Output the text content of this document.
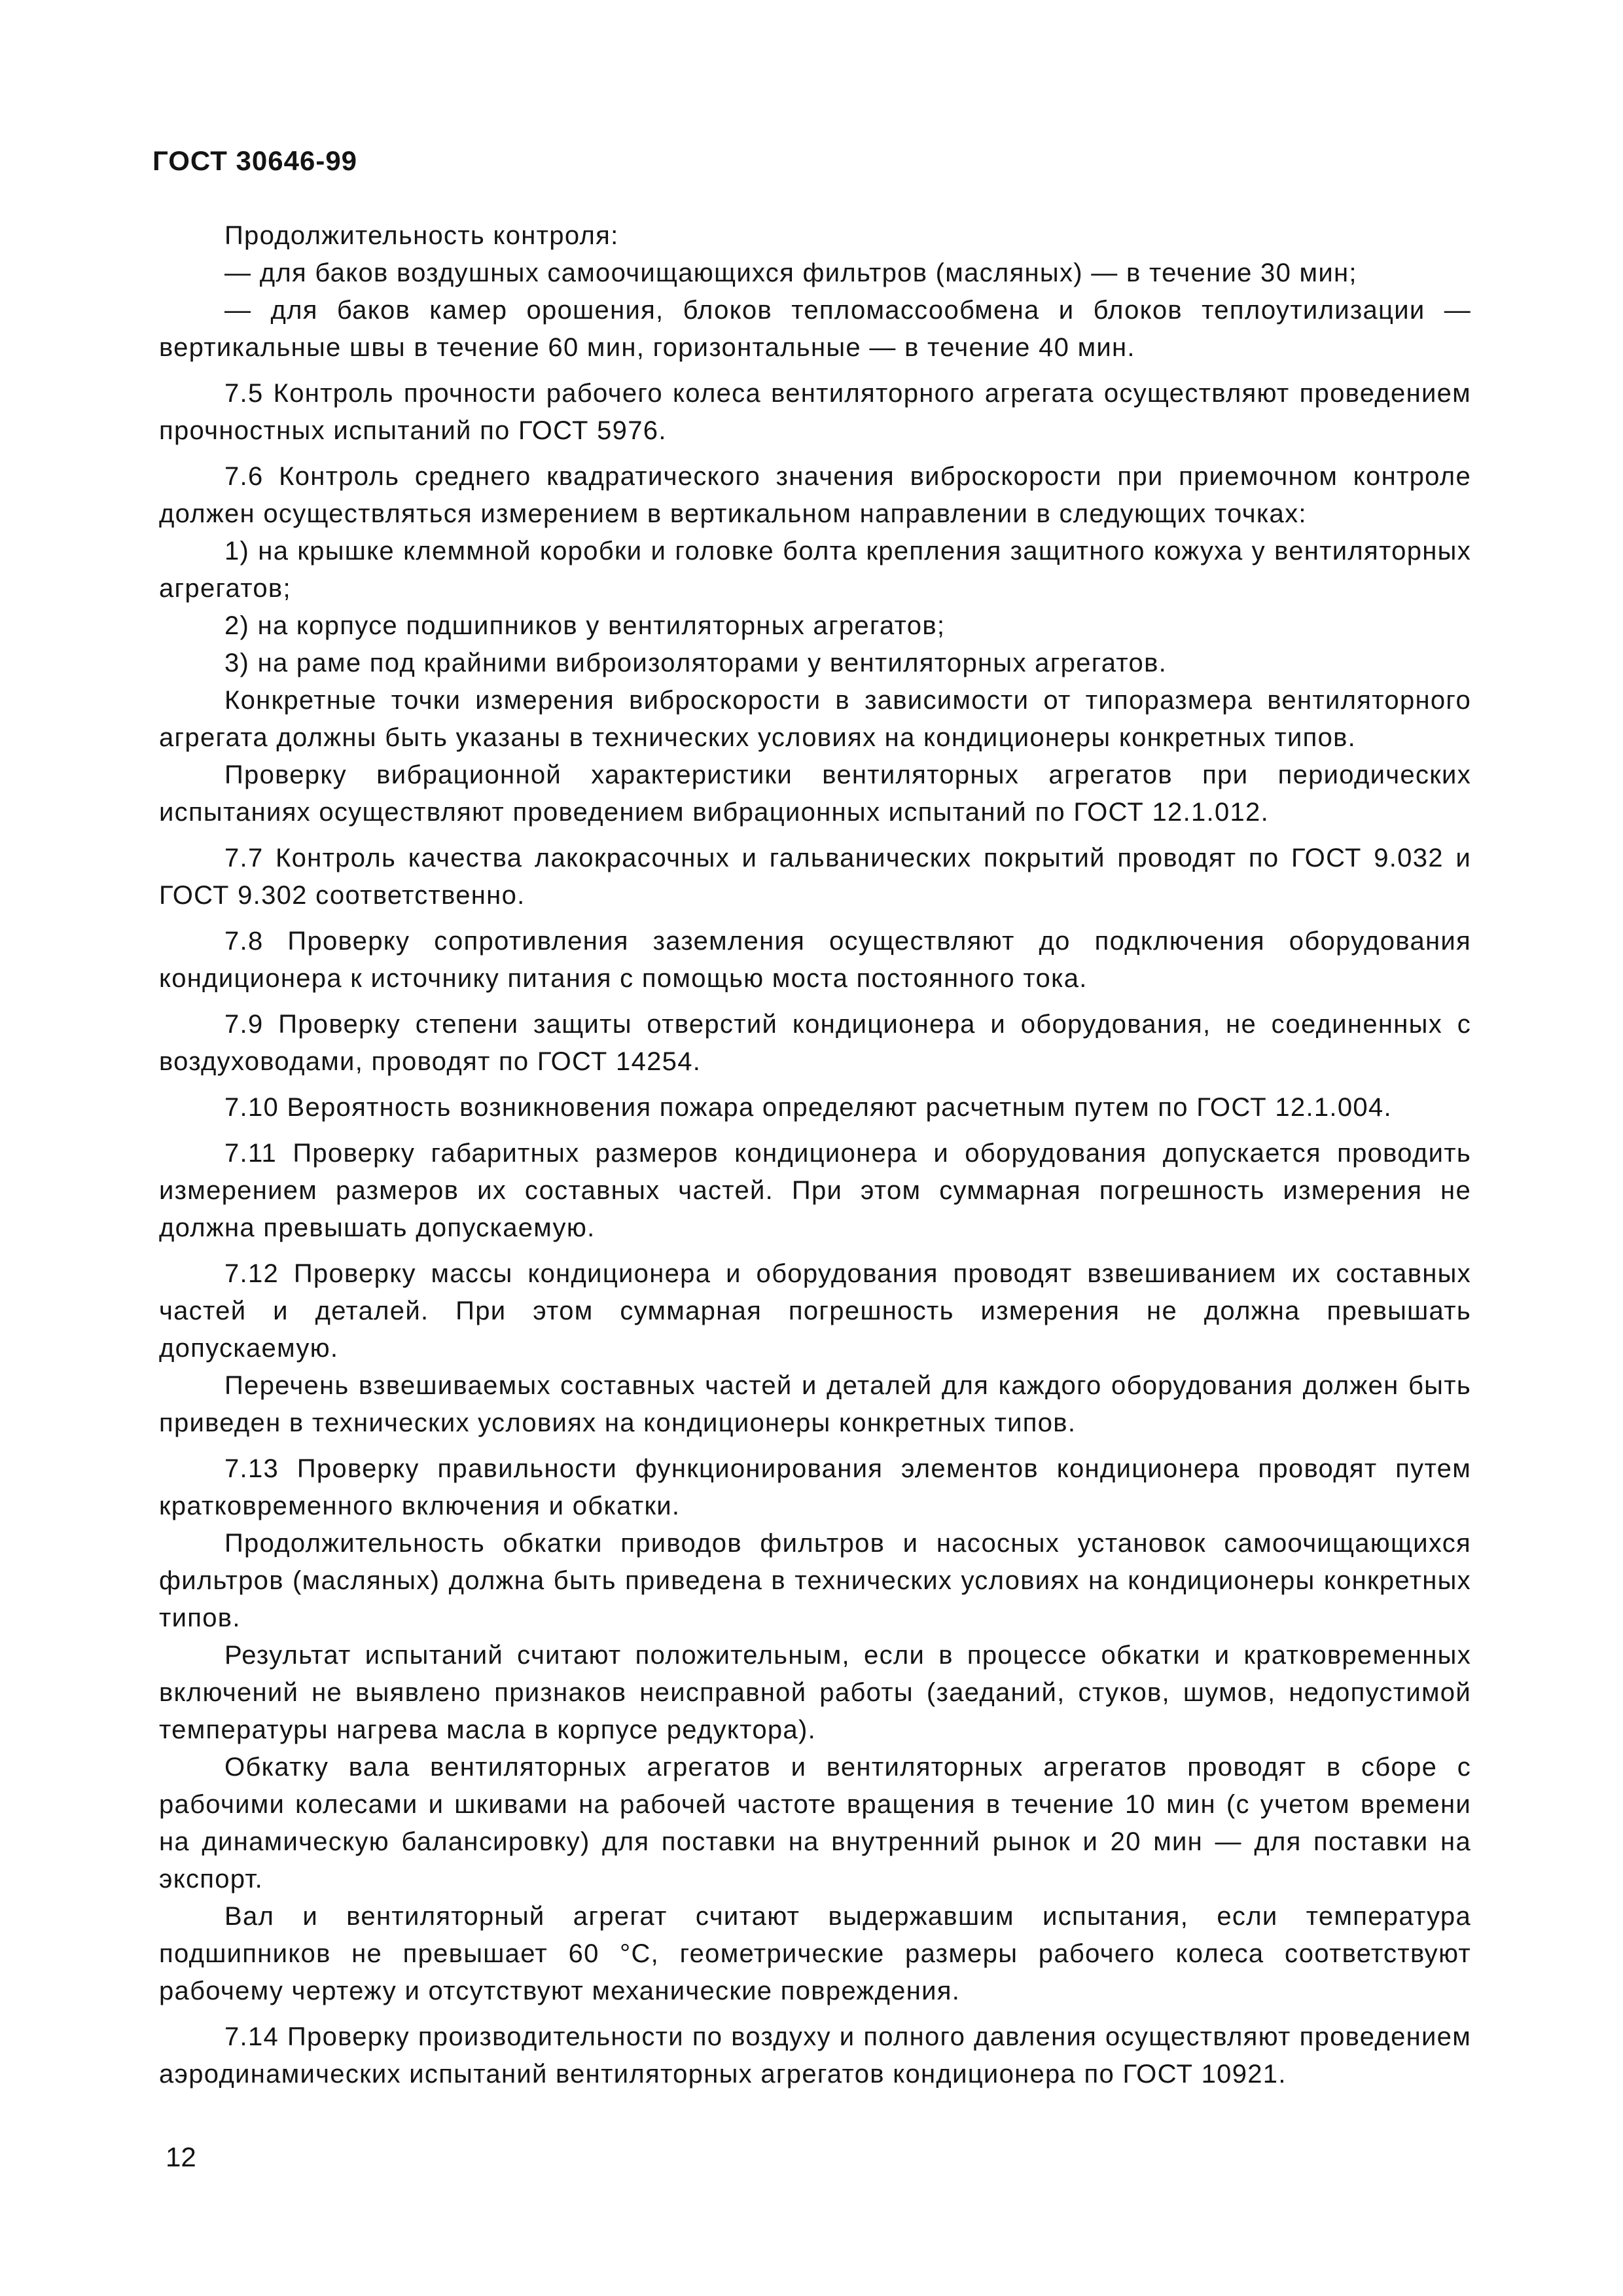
ГОСТ 30646-99

Продолжительность контроля:

— для баков воздушных самоочищающихся фильтров (масляных) — в течение 30 мин;

— для баков камер орошения, блоков тепломассообмена и блоков теплоутилизации — вертикальные швы в течение 60 мин, горизонтальные — в течение 40 мин.

7.5 Контроль прочности рабочего колеса вентиляторного агрегата осуществляют проведением прочностных испытаний по ГОСТ 5976.

7.6 Контроль среднего квадратического значения виброскорости при приемочном контроле должен осуществляться измерением в вертикальном направлении в следующих точках:

1) на крышке клеммной коробки и головке болта крепления защитного кожуха у вентиляторных агрегатов;

2) на корпусе подшипников у вентиляторных агрегатов;

3) на раме под крайними виброизоляторами у вентиляторных агрегатов.

Конкретные точки измерения виброскорости в зависимости от типоразмера вентиляторного агрегата должны быть указаны в технических условиях на кондиционеры конкретных типов.

Проверку вибрационной характеристики вентиляторных агрегатов при периодических испытаниях осуществляют проведением вибрационных испытаний по ГОСТ 12.1.012.

7.7 Контроль качества лакокрасочных и гальванических покрытий проводят по ГОСТ 9.032 и ГОСТ 9.302 соответственно.

7.8 Проверку сопротивления заземления осуществляют до подключения оборудования кондиционера к источнику питания с помощью моста постоянного тока.

7.9 Проверку степени защиты отверстий кондиционера и оборудования, не соединенных с воздуховодами, проводят по ГОСТ 14254.

7.10 Вероятность возникновения пожара определяют расчетным путем по ГОСТ 12.1.004.

7.11 Проверку габаритных размеров кондиционера и оборудования допускается проводить измерением размеров их составных частей. При этом суммарная погрешность измерения не должна превышать допускаемую.

7.12 Проверку массы кондиционера и оборудования проводят взвешиванием их составных частей и деталей. При этом суммарная погрешность измерения не должна превышать допускаемую.

Перечень взвешиваемых составных частей и деталей для каждого оборудования должен быть приведен в технических условиях на кондиционеры конкретных типов.

7.13 Проверку правильности функционирования элементов кондиционера проводят путем кратковременного включения и обкатки.

Продолжительность обкатки приводов фильтров и насосных установок самоочищающихся фильтров (масляных) должна быть приведена в технических условиях на кондиционеры конкретных типов.

Результат испытаний считают положительным, если в процессе обкатки и кратковременных включений не выявлено признаков неисправной работы (заеданий, стуков, шумов, недопустимой температуры нагрева масла в корпусе редуктора).

Обкатку вала вентиляторных агрегатов и вентиляторных агрегатов проводят в сборе с рабочими колесами и шкивами на рабочей частоте вращения в течение 10 мин (с учетом времени на динамическую балансировку) для поставки на внутренний рынок и 20 мин — для поставки на экспорт.

Вал и вентиляторный агрегат считают выдержавшим испытания, если температура подшипников не превышает 60 °С, геометрические размеры рабочего колеса соответствуют рабочему чертежу и отсутствуют механические повреждения.

7.14 Проверку производительности по воздуху и полного давления осуществляют проведением аэродинамических испытаний вентиляторных агрегатов кондиционера по ГОСТ 10921.

12
